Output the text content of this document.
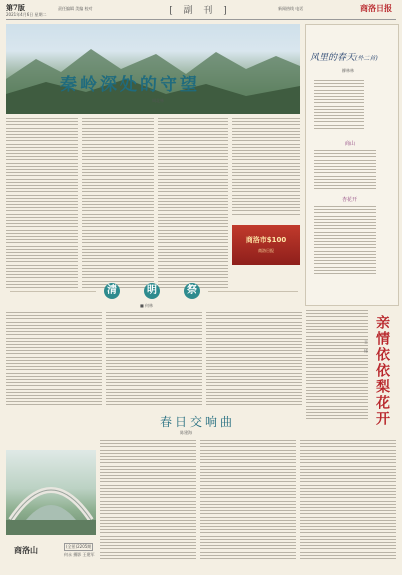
第7版
2021年4月6日 星期二
责任编辑 美编 校对	[ 副 刊 ]	新闻热线 电话	商洛日报
秦岭深处的守望
周北林
商洛市$100
商洛日报
风里的春天(外二首)
柳林林
商山
杏花开
清	明	祭
■ 何林
亲情依依梨花开
王 炜
春日交响曲
陈建海
商洛山	(全景)2205期
何永 摄影 王建军
